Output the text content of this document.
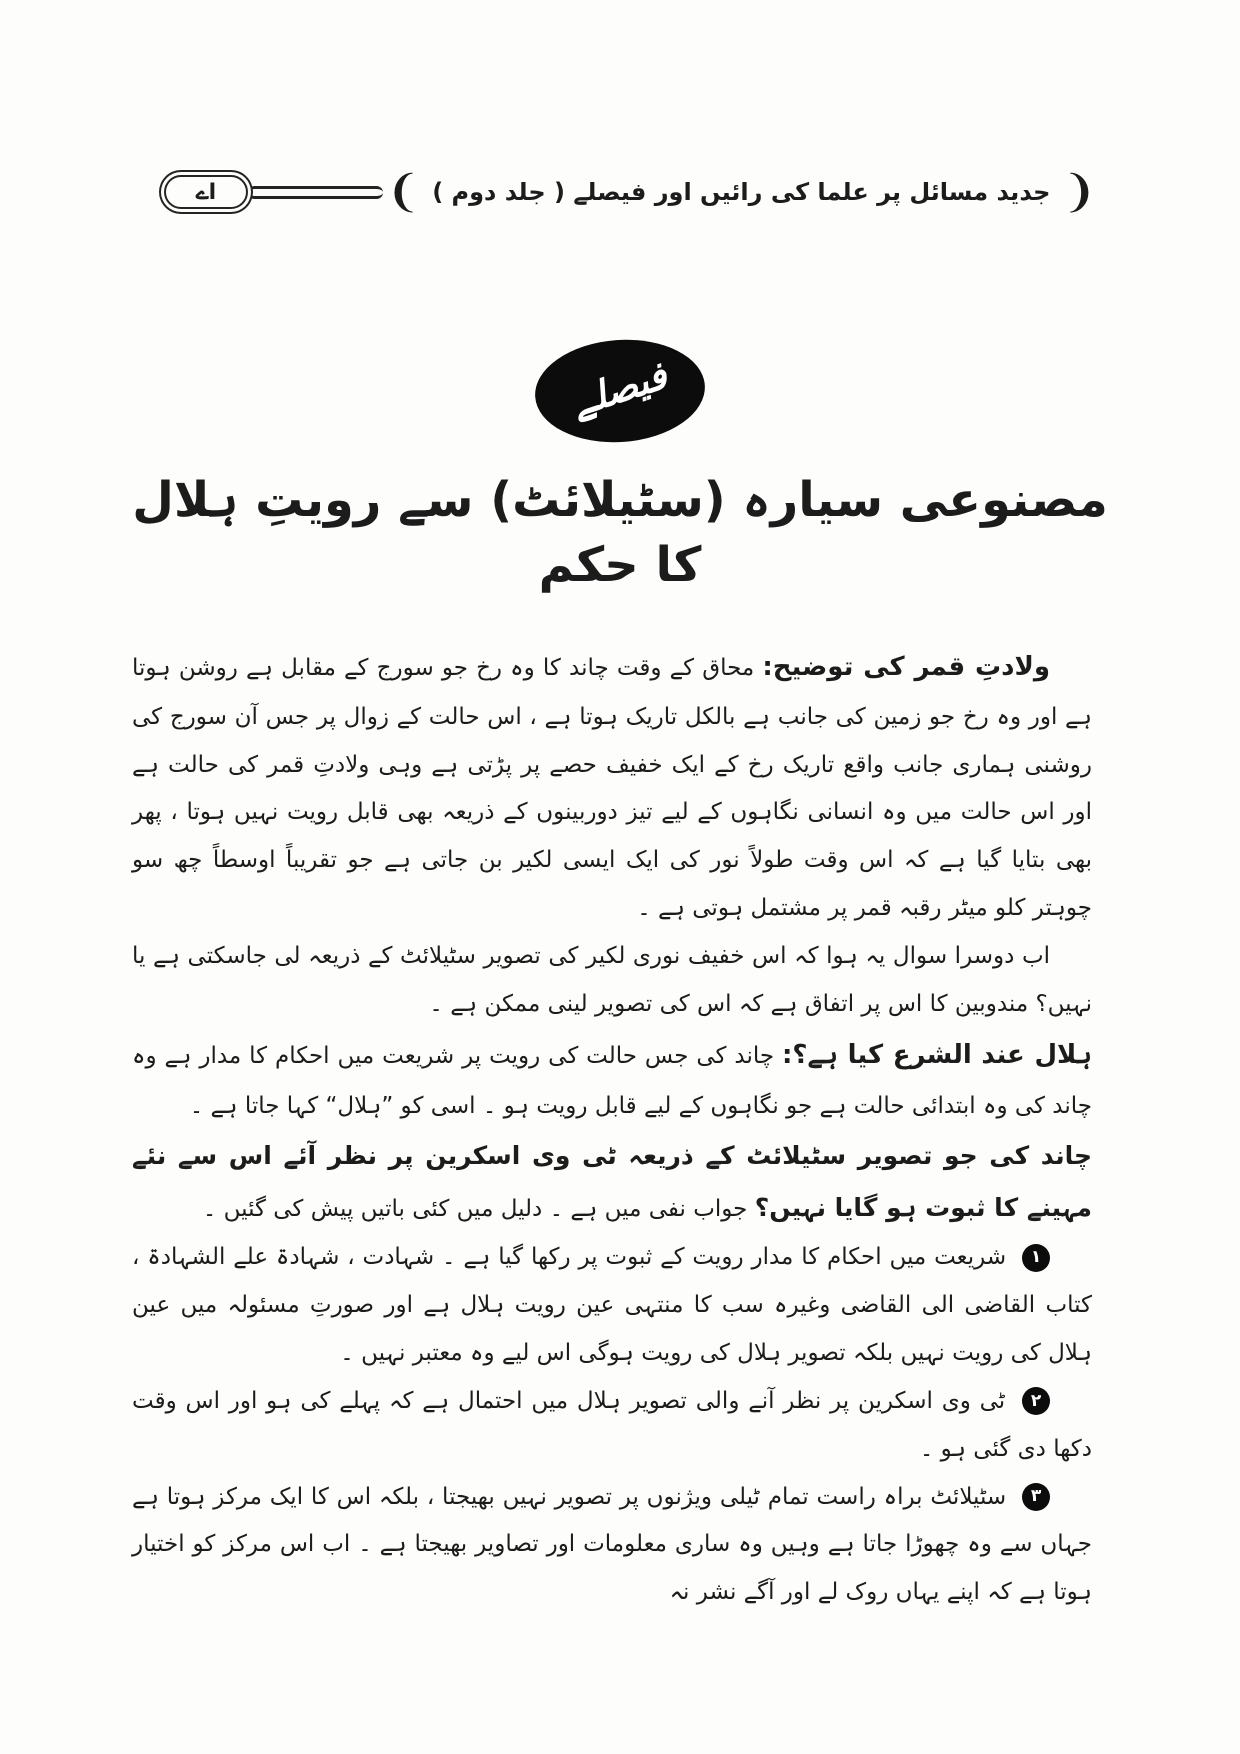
❨
جدید مسائل پر علما کی رائیں اور فیصلے ( جلد دوم )
❩
اے
فیصلے
مصنوعی سیارہ (سٹیلائٹ) سے رویتِ ہلال کا حکم

ولادتِ قمر کی توضیح: محاق کے وقت چاند کا وہ رخ جو سورج کے مقابل ہے روشن ہوتا ہے اور وہ رخ جو زمین کی جانب ہے بالکل تاریک ہوتا ہے ، اس حالت کے زوال پر جس آن سورج کی روشنی ہماری جانب واقع تاریک رخ کے ایک خفیف حصے پر پڑتی ہے وہی ولادتِ قمر کی حالت ہے اور اس حالت میں وہ انسانی نگاہوں کے لیے تیز دوربینوں کے ذریعہ بھی قابل رویت نہیں ہوتا ، پھر بھی بتایا گیا ہے کہ اس وقت طولاً نور کی ایک ایسی لکیر بن جاتی ہے جو تقریباً اوسطاً چھ سو چوہتر کلو میٹر رقبہ قمر پر مشتمل ہوتی ہے ۔

اب دوسرا سوال یہ ہوا کہ اس خفیف نوری لکیر کی تصویر سٹیلائٹ کے ذریعہ لی جاسکتی ہے یا نہیں؟ مندوبین کا اس پر اتفاق ہے کہ اس کی تصویر لینی ممکن ہے ۔

ہلال عند الشرع کیا ہے؟: چاند کی جس حالت کی رویت پر شریعت میں احکام کا مدار ہے وہ چاند کی وہ ابتدائی حالت ہے جو نگاہوں کے لیے قابل رویت ہو ۔ اسی کو ”ہلال“ کہا جاتا ہے ۔

چاند کی جو تصویر سٹیلائٹ کے ذریعہ ٹی وی اسکرین پر نظر آئے اس سے نئے مہینے کا ثبوت ہو گایا نہیں؟ جواب نفی میں ہے ۔ دلیل میں کئی باتیں پیش کی گئیں ۔

۱
شریعت میں احکام کا مدار رویت کے ثبوت پر رکھا گیا ہے ۔ شہادت ، شہادۃ علے الشہادۃ ، کتاب القاضی الی القاضی وغیرہ سب کا منتہی عین رویت ہلال ہے اور صورتِ مسئولہ میں عین ہلال کی رویت نہیں بلکہ تصویر ہلال کی رویت ہوگی اس لیے وہ معتبر نہیں ۔

۲
ٹی وی اسکرین پر نظر آنے والی تصویر ہلال میں احتمال ہے کہ پہلے کی ہو اور اس وقت دکھا دی گئی ہو ۔

۳
سٹیلائٹ براہ راست تمام ٹیلی ویژنوں پر تصویر نہیں بھیجتا ، بلکہ اس کا ایک مرکز ہوتا ہے جہاں سے وہ چھوڑا جاتا ہے وہیں وہ ساری معلومات اور تصاویر بھیجتا ہے ۔ اب اس مرکز کو اختیار ہوتا ہے کہ اپنے یہاں روک لے اور آگے نشر نہ
